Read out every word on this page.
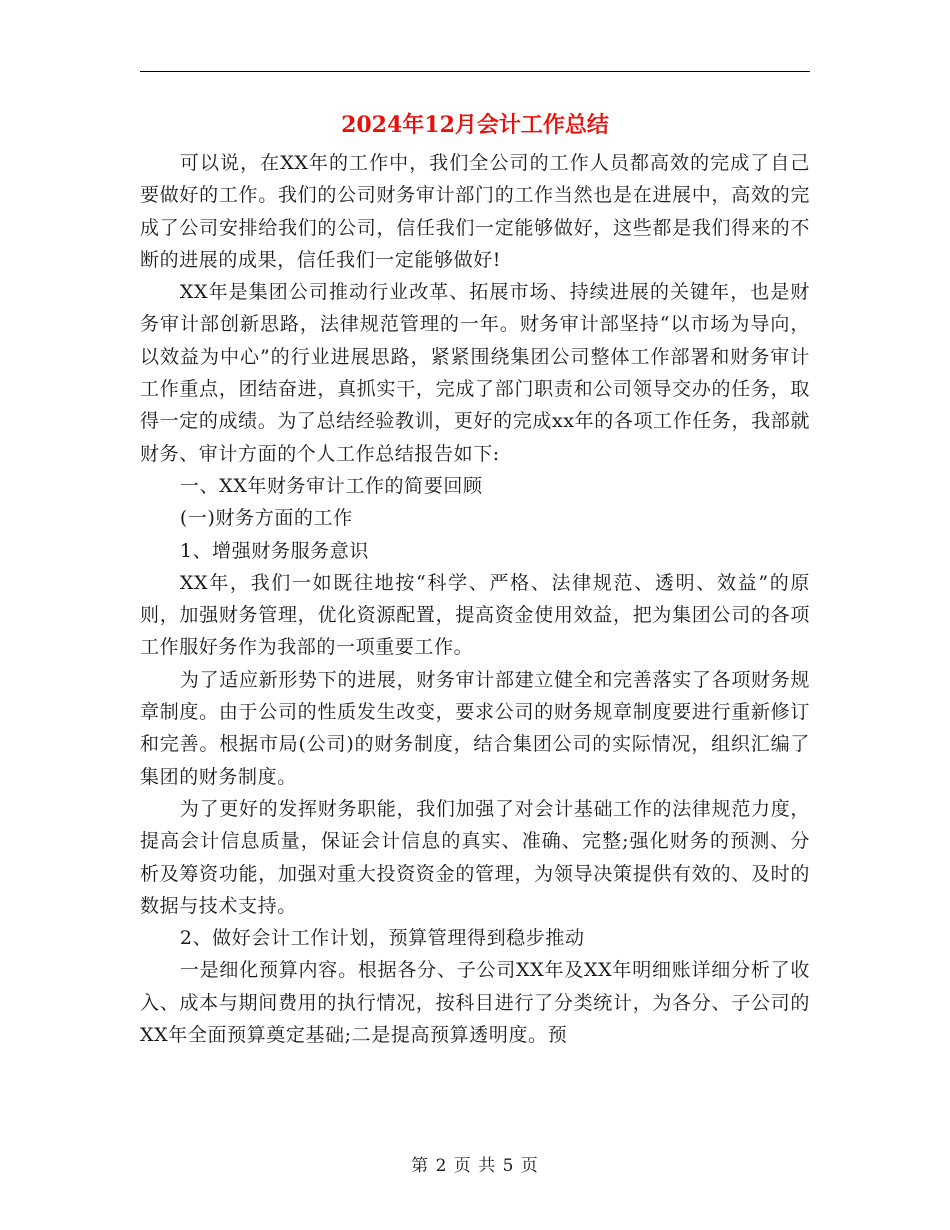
2024年12月会计工作总结

可以说，在XX年的工作中，我们全公司的工作人员都高效的完成了自己要做好的工作。我们的公司财务审计部门的工作当然也是在进展中，高效的完成了公司安排给我们的公司，信任我们一定能够做好，这些都是我们得来的不断的进展的成果，信任我们一定能够做好!

XX年是集团公司推动行业改革、拓展市场、持续进展的关键年，也是财务审计部创新思路，法律规范管理的一年。财务审计部坚持“以市场为导向，以效益为中心”的行业进展思路，紧紧围绕集团公司整体工作部署和财务审计工作重点，团结奋进，真抓实干，完成了部门职责和公司领导交办的任务，取得一定的成绩。为了总结经验教训，更好的完成xx年的各项工作任务，我部就财务、审计方面的个人工作总结报告如下:

一、XX年财务审计工作的简要回顾

(一)财务方面的工作

1、增强财务服务意识

XX年，我们一如既往地按“科学、严格、法律规范、透明、效益”的原则，加强财务管理，优化资源配置，提高资金使用效益，把为集团公司的各项工作服好务作为我部的一项重要工作。

为了适应新形势下的进展，财务审计部建立健全和完善落实了各项财务规章制度。由于公司的性质发生改变，要求公司的财务规章制度要进行重新修订和完善。根据市局(公司)的财务制度，结合集团公司的实际情况，组织汇编了集团的财务制度。

为了更好的发挥财务职能，我们加强了对会计基础工作的法律规范力度，提高会计信息质量，保证会计信息的真实、准确、完整;强化财务的预测、分析及筹资功能，加强对重大投资资金的管理，为领导决策提供有效的、及时的数据与技术支持。

2、做好会计工作计划，预算管理得到稳步推动

一是细化预算内容。根据各分、子公司XX年及XX年明细账详细分析了收入、成本与期间费用的执行情况，按科目进行了分类统计，为各分、子公司的 XX年全面预算奠定基础;二是提高预算透明度。预

第 2 页 共 5 页
